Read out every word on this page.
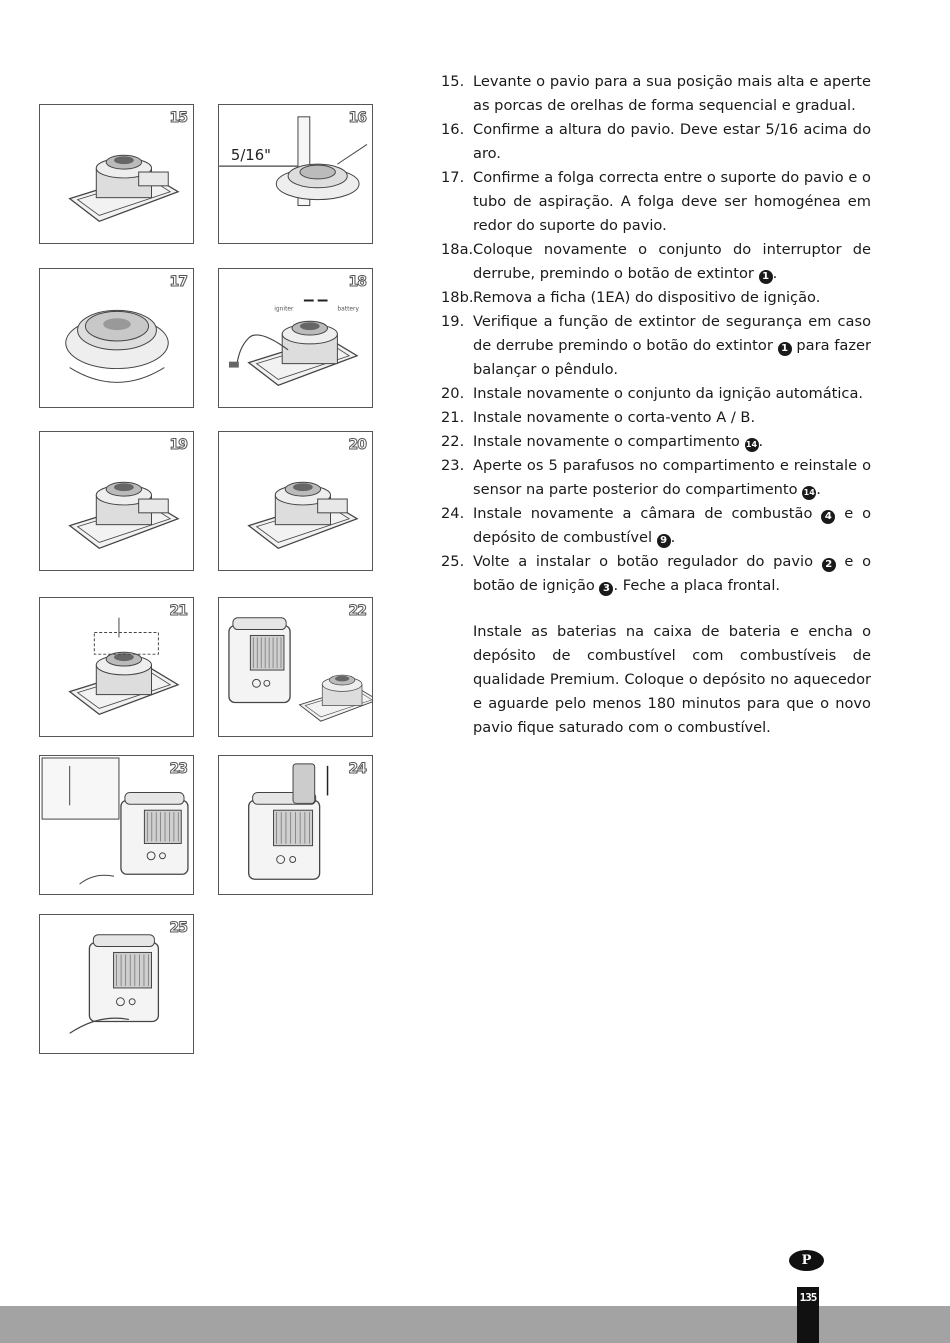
15
5/16"
16
17
igniter	battery
18
19	20
21	22
23	24
25
15. Levante o pavio para a sua posição mais alta e aperte as porcas de orelhas de forma sequencial e gradual.
16. Confirme a altura do pavio. Deve estar 5/16 acima do aro.
17. Confirme a folga correcta entre o suporte do pavio e o tubo de aspiração. A folga deve ser homogénea em redor do suporte do pavio.
18a. Coloque novamente o conjunto do interruptor de derrube, premindo o botão de extintor 1 .
18b. Remova a ficha (1EA) do dispositivo de ignição.
19. Verifique a função de extintor de segurança em caso de derrube premindo o botão do extintor 1 para fazer balançar o pêndulo.
20. Instale novamente o conjunto da ignição automática.
21. Instale novamente o corta-vento A / B.
22. Instale novamente o compartimento 14.
23. Aperte os 5 parafusos no compartimento e reinstale o sensor na parte posterior do compartimento 14.
24. Instale novamente a câmara de combustão 4 e o depósito de combustível 9 .
25. Volte a instalar o botão regulador do pavio 2 e o botão de ignição 3 . Feche a placa frontal.

Instale as baterias na caixa de bateria e encha o depósito de combustível com combustíveis de qualidade Premium. Coloque o depósito no aquecedor e aguarde pelo menos 180 minutos para que o novo pavio fique saturado com o combustível.

P
135
